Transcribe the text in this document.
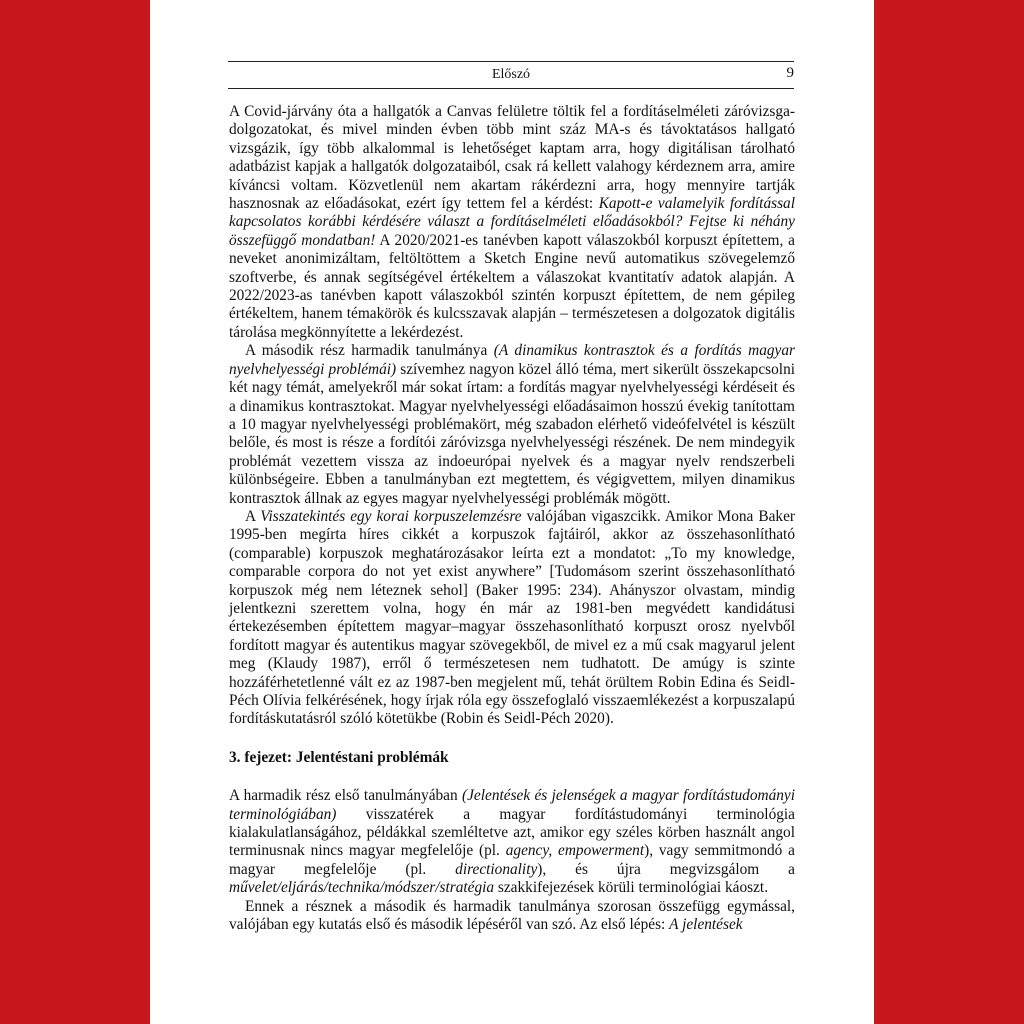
Előszó	9

A Covid-járvány óta a hallgatók a Canvas felületre töltik fel a fordításelméleti záróvizsga-dolgozatokat, és mivel minden évben több mint száz MA-s és távoktatásos hallgató vizsgázik, így több alkalommal is lehetőséget kaptam arra, hogy digitálisan tárolható adatbázist kapjak a hallgatók dolgozataiból, csak rá kellett valahogy kérdeznem arra, amire kíváncsi voltam. Közvetlenül nem akartam rákérdezni arra, hogy mennyire tartják hasznosnak az előadásokat, ezért így tettem fel a kérdést: Kapott-e valamelyik fordítással kapcsolatos korábbi kérdésére választ a fordításelméleti előadásokból? Fejtse ki néhány összefüggő mondatban! A 2020/2021-es tanévben kapott válaszokból korpuszt építettem, a neveket anonimizáltam, feltöltöttem a Sketch Engine nevű automatikus szövegelemző szoftverbe, és annak segítségével értékeltem a válaszokat kvantitatív adatok alapján. A 2022/2023-as tanévben kapott válaszokból szintén korpuszt építettem, de nem gépileg értékeltem, hanem témakörök és kulcsszavak alapján – természetesen a dolgozatok digitális tárolása megkönnyítette a lekérdezést.

A második rész harmadik tanulmánya (A dinamikus kontrasztok és a fordítás magyar nyelvhelyességi problémái) szívemhez nagyon közel álló téma, mert sikerült összekapcsolni két nagy témát, amelyekről már sokat írtam: a fordítás magyar nyelvhelyességi kérdéseit és a dinamikus kontrasztokat. Magyar nyelvhelyességi előadásaimon hosszú évekig tanítottam a 10 magyar nyelvhelyességi problémakört, még szabadon elérhető videófelvétel is készült belőle, és most is része a fordítói záróvizsga nyelvhelyességi részének. De nem mindegyik problémát vezettem vissza az indoeurópai nyelvek és a magyar nyelv rendszerbeli különbségeire. Ebben a tanulmányban ezt megtettem, és végigvettem, milyen dinamikus kontrasztok állnak az egyes magyar nyelvhelyességi problémák mögött.

A Visszatekintés egy korai korpuszelemzésre valójában vigaszcikk. Amikor Mona Baker 1995-ben megírta híres cikkét a korpuszok fajtáiról, akkor az összehasonlítható (comparable) korpuszok meghatározásakor leírta ezt a mondatot: „To my knowledge, comparable corpora do not yet exist anywhere” [Tudomásom szerint összehasonlítható korpuszok még nem léteznek sehol] (Baker 1995: 234). Ahányszor olvastam, mindig jelentkezni szerettem volna, hogy én már az 1981-ben megvédett kandidátusi értekezésemben építettem magyar–magyar összehasonlítható korpuszt orosz nyelvből fordított magyar és autentikus magyar szövegekből, de mivel ez a mű csak magyarul jelent meg (Klaudy 1987), erről ő természetesen nem tudhatott. De amúgy is szinte hozzáférhetetlenné vált ez az 1987-ben megjelent mű, tehát örültem Robin Edina és Seidl-Péch Olívia felkérésének, hogy írjak róla egy összefoglaló visszaemlékezést a korpuszalapú fordításkutatásról szóló kötetükbe (Robin és Seidl-Péch 2020).

3. fejezet: Jelentéstani problémák

A harmadik rész első tanulmányában (Jelentések és jelenségek a magyar fordítástudományi terminológiában) visszatérek a magyar fordítástudományi terminológia kialakulatlanságához, példákkal szemléltetve azt, amikor egy széles körben használt angol terminusnak nincs magyar megfelelője (pl. agency, empowerment), vagy semmitmondó a magyar megfelelője (pl. directionality), és újra megvizsgálom a művelet/eljárás/technika/módszer/stratégia szakkifejezések körüli terminológiai káoszt.

Ennek a résznek a második és harmadik tanulmánya szorosan összefügg egymással, valójában egy kutatás első és második lépéséről van szó. Az első lépés: A jelentések
